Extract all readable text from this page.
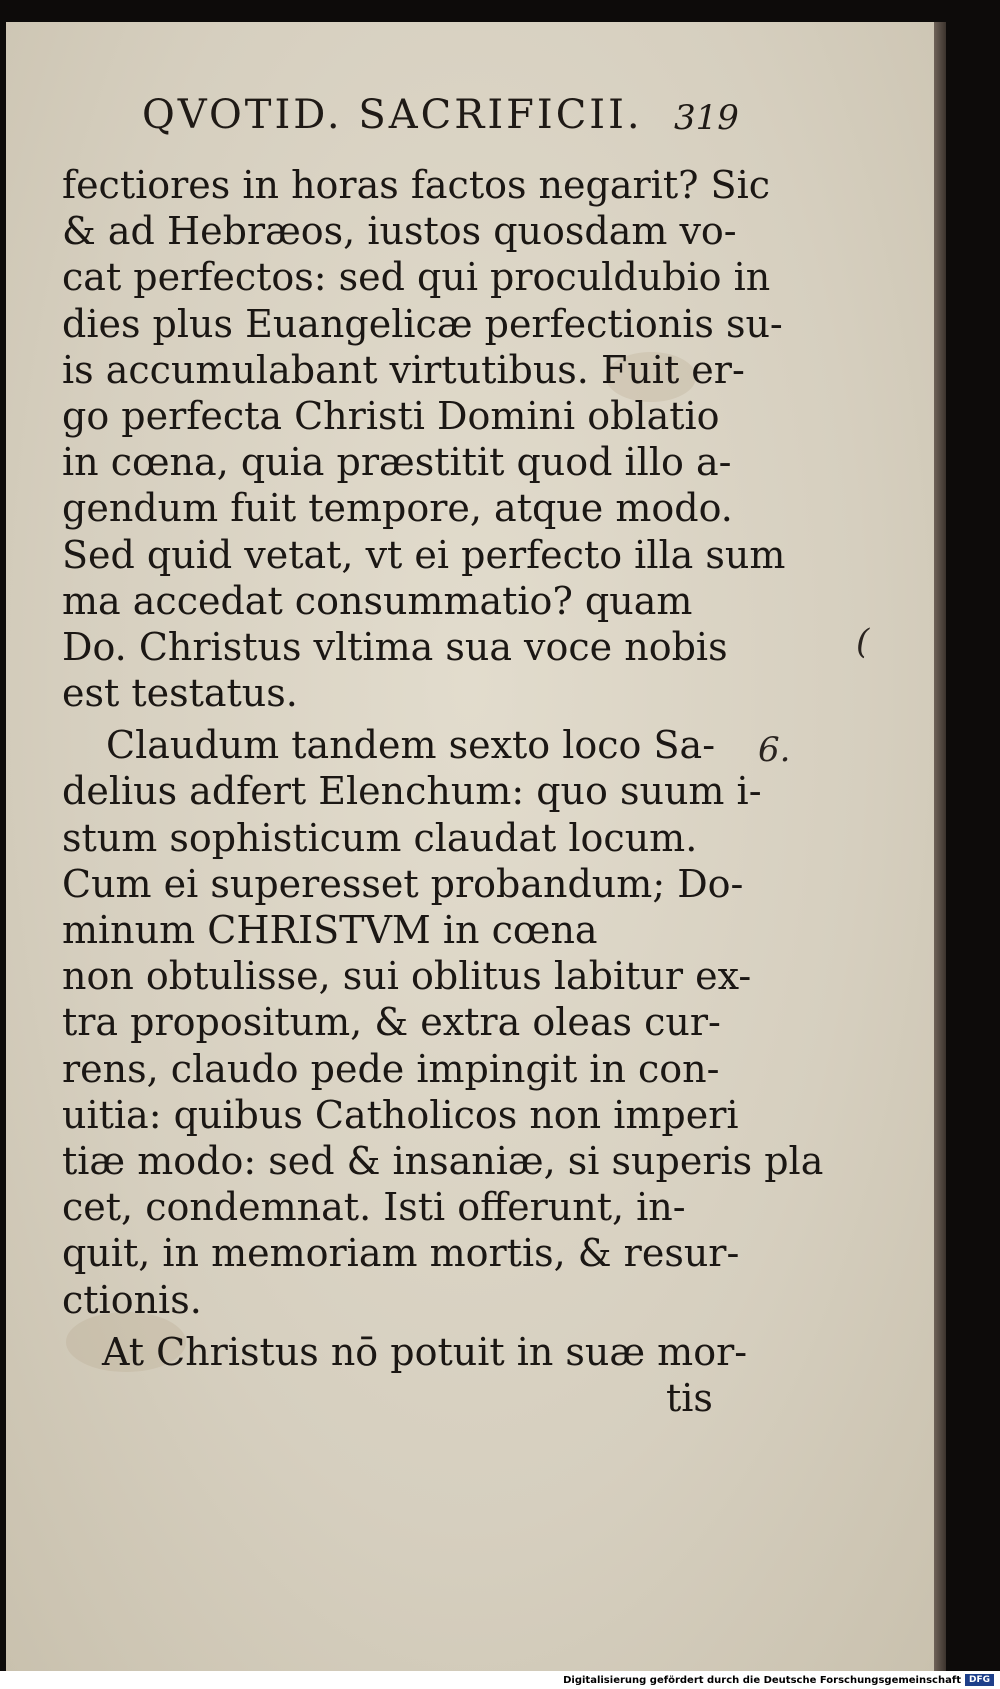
QVOTID. SACRIFICII. 319
fectiores in horas factos negarit? Sic
& ad Hebræos, iustos quosdam vo-
cat perfectos: sed qui proculdubio in
dies plus Euangelicæ perfectionis su-
is accumulabant virtutibus. Fuit er-
go perfecta Christi Domini oblatio
in cœna, quia præstitit quod illo a-
gendum fuit tempore, atque modo.
Sed quid vetat, vt ei perfecto illa sum
ma accedat consummatio? quam
Do. Christus vltima sua voce nobis
est testatus.
Claudum tandem sexto loco Sa-
delius adfert Elenchum: quo suum i-
stum sophisticum claudat locum.
Cum ei superesset probandum; Do-
minum CHRISTVM in cœna
non obtulisse, sui oblitus labitur ex-
tra propositum, & extra oleas cur-
rens, claudo pede impingit in con-
uitia: quibus Catholicos non imperi
tiæ modo: sed & insaniæ, si superis pla
cet, condemnat. Isti offerunt, in-
quit, in memoriam mortis, & resur-
ctionis.
At Christus nō potuit in suæ mor-
tis
(
6.
Digitalisierung gefördert durch die Deutsche Forschungsgemeinschaft DFG
